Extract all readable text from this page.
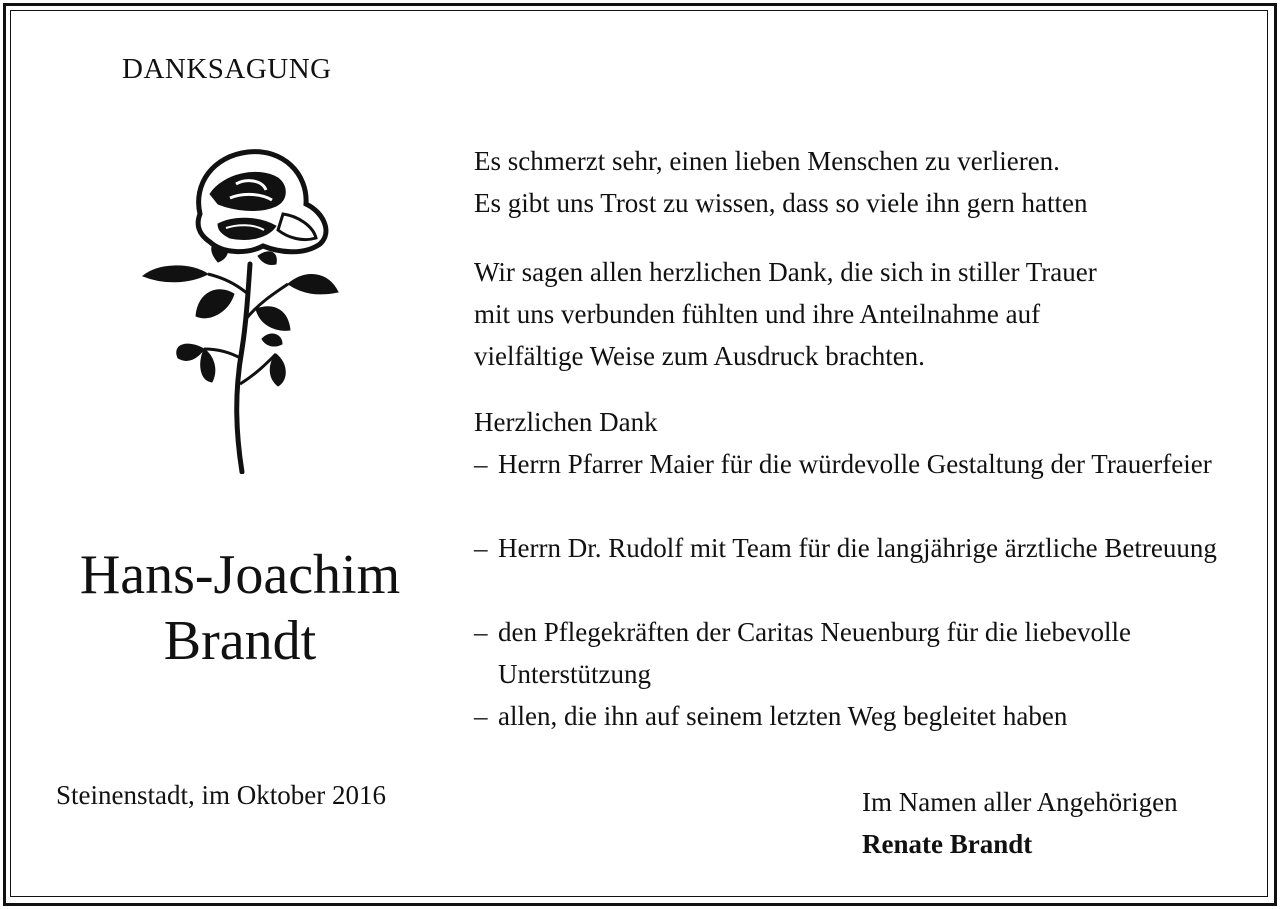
DANKSAGUNG
Hans-Joachim
Brandt
Steinenstadt, im Oktober 2016
Es schmerzt sehr, einen lieben Menschen zu verlieren.
Es gibt uns Trost zu wissen, dass so viele ihn gern hatten
Wir sagen allen herzlichen Dank, die sich in stiller Trauer
mit uns verbunden fühlten und ihre Anteilnahme auf
vielfältige Weise zum Ausdruck brachten.
Herzlichen Dank
– Herrn Pfarrer Maier für die würdevolle Gestaltung der Trauerfeier
– Herrn Dr. Rudolf mit Team für die langjährige ärztliche Betreuung
– den Pflegekräften der Caritas Neuenburg für die liebevolle Unterstützung
– allen, die ihn auf seinem letzten Weg begleitet haben
Im Namen aller Angehörigen
Renate Brandt
